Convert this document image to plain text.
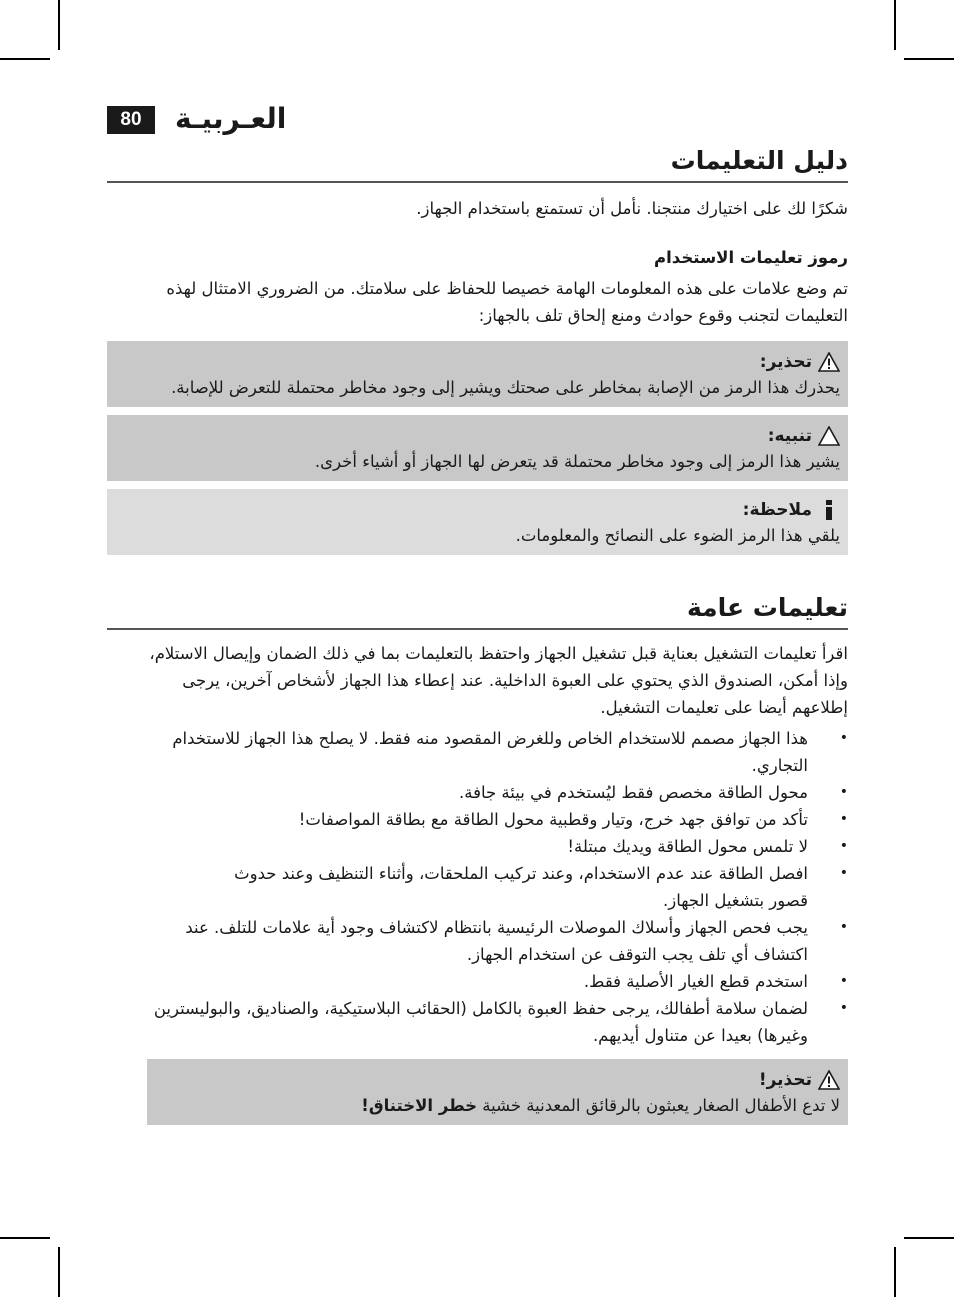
80	العـربيـة
دليل التعليمات

شكرًا لك على اختيارك منتجنا. نأمل أن تستمتع باستخدام الجهاز.

رموز تعليمات الاستخدام

تم وضع علامات على هذه المعلومات الهامة خصيصا للحفاظ على سلامتك. من الضروري الامتثال لهذه

التعليمات لتجنب وقوع حوادث ومنع إلحاق تلف بالجهاز:

تحذير:

يحذرك هذا الرمز من الإصابة بمخاطر على صحتك ويشير إلى وجود مخاطر محتملة للتعرض للإصابة.

تنبيه:

يشير هذا الرمز إلى وجود مخاطر محتملة قد يتعرض لها الجهاز أو أشياء أخرى.

ملاحظة:

يلقي هذا الرمز الضوء على النصائح والمعلومات.

تعليمات عامة

اقرأ تعليمات التشغيل بعناية قبل تشغيل الجهاز واحتفظ بالتعليمات بما في ذلك الضمان وإيصال الاستلام،

وإذا أمكن، الصندوق الذي يحتوي على العبوة الداخلية. عند إعطاء هذا الجهاز لأشخاص آخرين، يرجى

إطلاعهم أيضا على تعليمات التشغيل.

•
هذا الجهاز مصمم للاستخدام الخاص وللغرض المقصود منه فقط. لا يصلح هذا الجهاز للاستخدام
التجاري.
•
محول الطاقة مخصص فقط ليُستخدم في بيئة جافة.
•
تأكد من توافق جهد خرج، وتيار وقطبية محول الطاقة مع بطاقة المواصفات!
•
لا تلمس محول الطاقة ويديك مبتلة!
•
افصل الطاقة عند عدم الاستخدام، وعند تركيب الملحقات، وأثناء التنظيف وعند حدوث
قصور بتشغيل الجهاز.
•
يجب فحص الجهاز وأسلاك الموصلات الرئيسية بانتظام لاكتشاف وجود أية علامات للتلف. عند
اكتشاف أي تلف يجب التوقف عن استخدام الجهاز.
•
استخدم قطع الغيار الأصلية فقط.
•
لضمان سلامة أطفالك، يرجى حفظ العبوة بالكامل (الحقائب البلاستيكية، والصناديق، والبوليسترين
وغيرها) بعيدا عن متناول أيديهم.
تحذير!

لا تدع الأطفال الصغار يعبثون بالرقائق المعدنية خشية خطر الاختناق!
